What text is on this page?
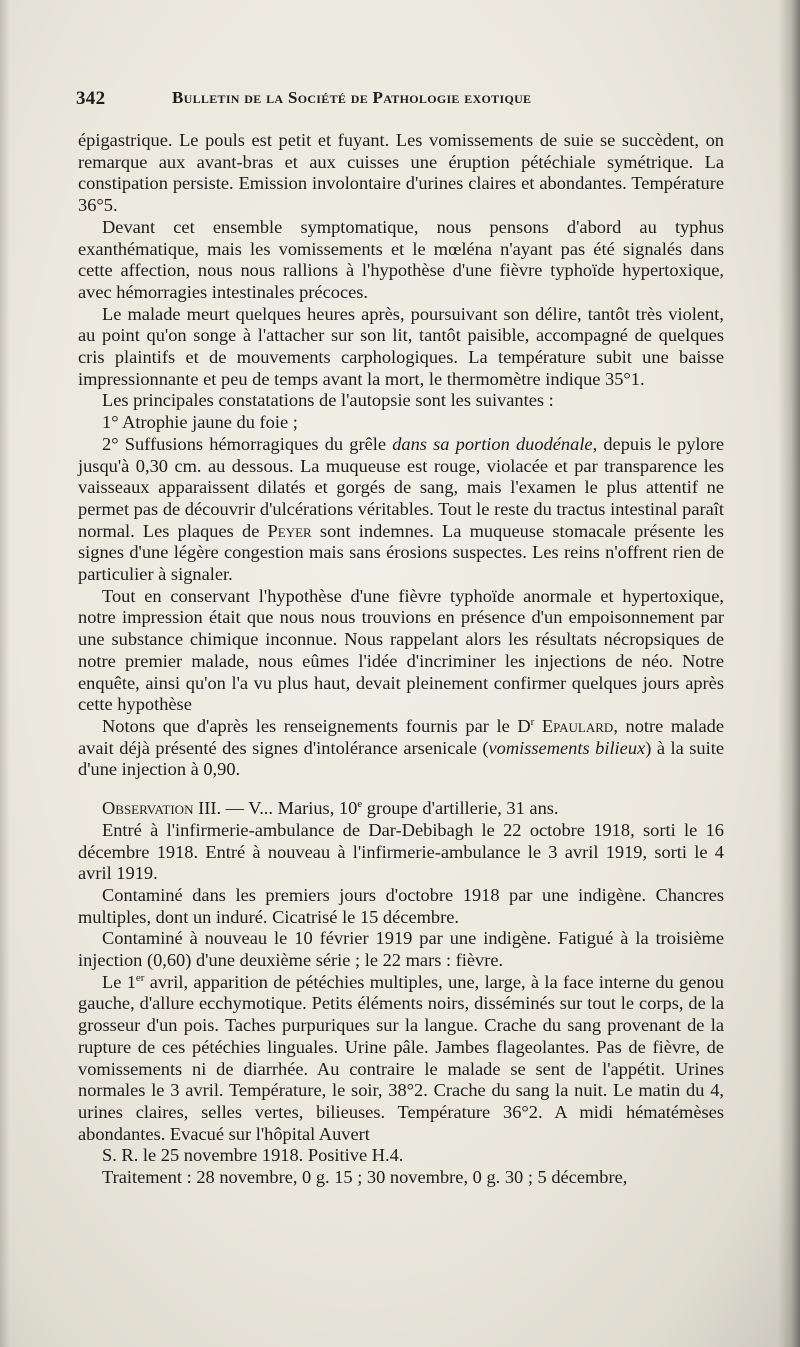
342	Bulletin de la Société de Pathologie exotique

épigastrique. Le pouls est petit et fuyant. Les vomissements de suie se succèdent, on remarque aux avant-bras et aux cuisses une éruption pétéchiale symétrique. La constipation persiste. Emission involontaire d'urines claires et abondantes. Température 36°5.

Devant cet ensemble symptomatique, nous pensons d'abord au typhus exanthématique, mais les vomissements et le mœléna n'ayant pas été signalés dans cette affection, nous nous rallions à l'hypothèse d'une fièvre typhoïde hypertoxique, avec hémorragies intestinales précoces.

Le malade meurt quelques heures après, poursuivant son délire, tantôt très violent, au point qu'on songe à l'attacher sur son lit, tantôt paisible, accompagné de quelques cris plaintifs et de mouvements carphologiques. La température subit une baisse impressionnante et peu de temps avant la mort, le thermomètre indique 35°1.

Les principales constatations de l'autopsie sont les suivantes :

1° Atrophie jaune du foie ;

2° Suffusions hémorragiques du grêle dans sa portion duodénale, depuis le pylore jusqu'à 0,30 cm. au dessous. La muqueuse est rouge, violacée et par transparence les vaisseaux apparaissent dilatés et gorgés de sang, mais l'examen le plus attentif ne permet pas de découvrir d'ulcérations véritables. Tout le reste du tractus intestinal paraît normal. Les plaques de Peyer sont indemnes. La muqueuse stomacale présente les signes d'une légère congestion mais sans érosions suspectes. Les reins n'offrent rien de particulier à signaler.

Tout en conservant l'hypothèse d'une fièvre typhoïde anormale et hypertoxique, notre impression était que nous nous trouvions en présence d'un empoisonnement par une substance chimique inconnue. Nous rappelant alors les résultats nécropsiques de notre premier malade, nous eûmes l'idée d'incriminer les injections de néo. Notre enquête, ainsi qu'on l'a vu plus haut, devait pleinement confirmer quelques jours après cette hypothèse

Notons que d'après les renseignements fournis par le $D^r$ Epaulard, notre malade avait déjà présenté des signes d'intolérance arsenicale (vomissements bilieux) à la suite d'une injection à 0,90.

Observation III. — V... Marius, 10e groupe d'artillerie, 31 ans.

Entré à l'infirmerie-ambulance de Dar-Debibagh le 22 octobre 1918, sorti le 16 décembre 1918. Entré à nouveau à l'infirmerie-ambulance le 3 avril 1919, sorti le 4 avril 1919.

Contaminé dans les premiers jours d'octobre 1918 par une indigène. Chancres multiples, dont un induré. Cicatrisé le 15 décembre.

Contaminé à nouveau le 10 février 1919 par une indigène. Fatigué à la troisième injection (0,60) d'une deuxième série ; le 22 mars : fièvre.

Le 1er avril, apparition de pétéchies multiples, une, large, à la face interne du genou gauche, d'allure ecchymotique. Petits éléments noirs, disséminés sur tout le corps, de la grosseur d'un pois. Taches purpuriques sur la langue. Crache du sang provenant de la rupture de ces pétéchies linguales. Urine pâle. Jambes flageolantes. Pas de fièvre, de vomissements ni de diarrhée. Au contraire le malade se sent de l'appétit. Urines normales le 3 avril. Température, le soir, 38°2. Crache du sang la nuit. Le matin du 4, urines claires, selles vertes, bilieuses. Température 36°2. A midi hématémèses abondantes. Evacué sur l'hôpital Auvert

S. R. le 25 novembre 1918. Positive H.4.

Traitement : 28 novembre, 0 g. 15 ; 30 novembre, 0 g. 30 ; 5 décembre,
